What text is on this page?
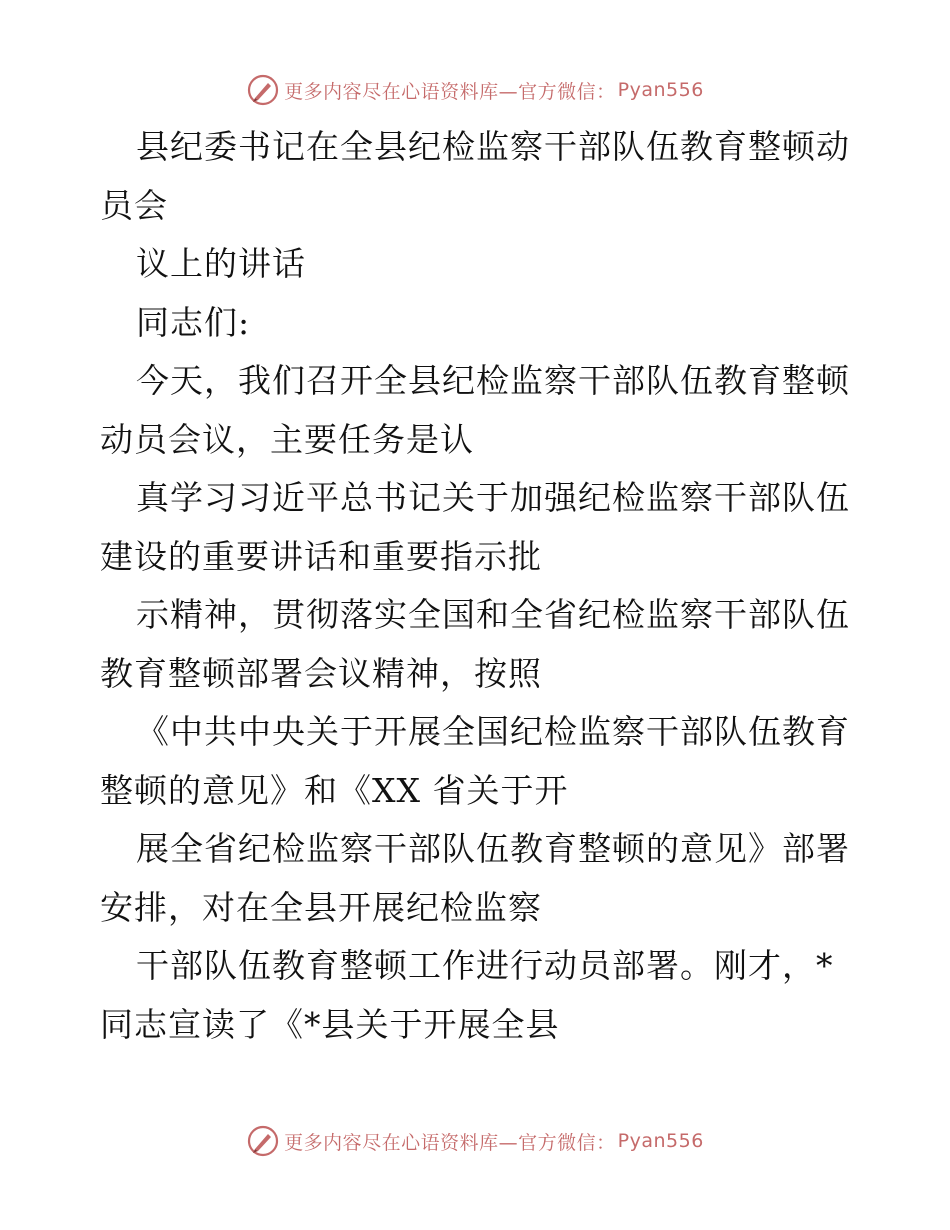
更多内容尽在心语资料库—官方微信： Pyan556
县纪委书记在全县纪检监察干部队伍教育整顿动
员会
议上的讲话
同志们:
今天，我们召开全县纪检监察干部队伍教育整顿
动员会议，主要任务是认
真学习习近平总书记关于加强纪检监察干部队伍
建设的重要讲话和重要指示批
示精神，贯彻落实全国和全省纪检监察干部队伍
教育整顿部署会议精神，按照
《中共中央关于开展全国纪检监察干部队伍教育
整顿的意见》和《XX 省关于开
展全省纪检监察干部队伍教育整顿的意见》部署
安排，对在全县开展纪检监察
干部队伍教育整顿工作进行动员部署。刚才，*
同志宣读了《*县关于开展全县
更多内容尽在心语资料库—官方微信： Pyan556
